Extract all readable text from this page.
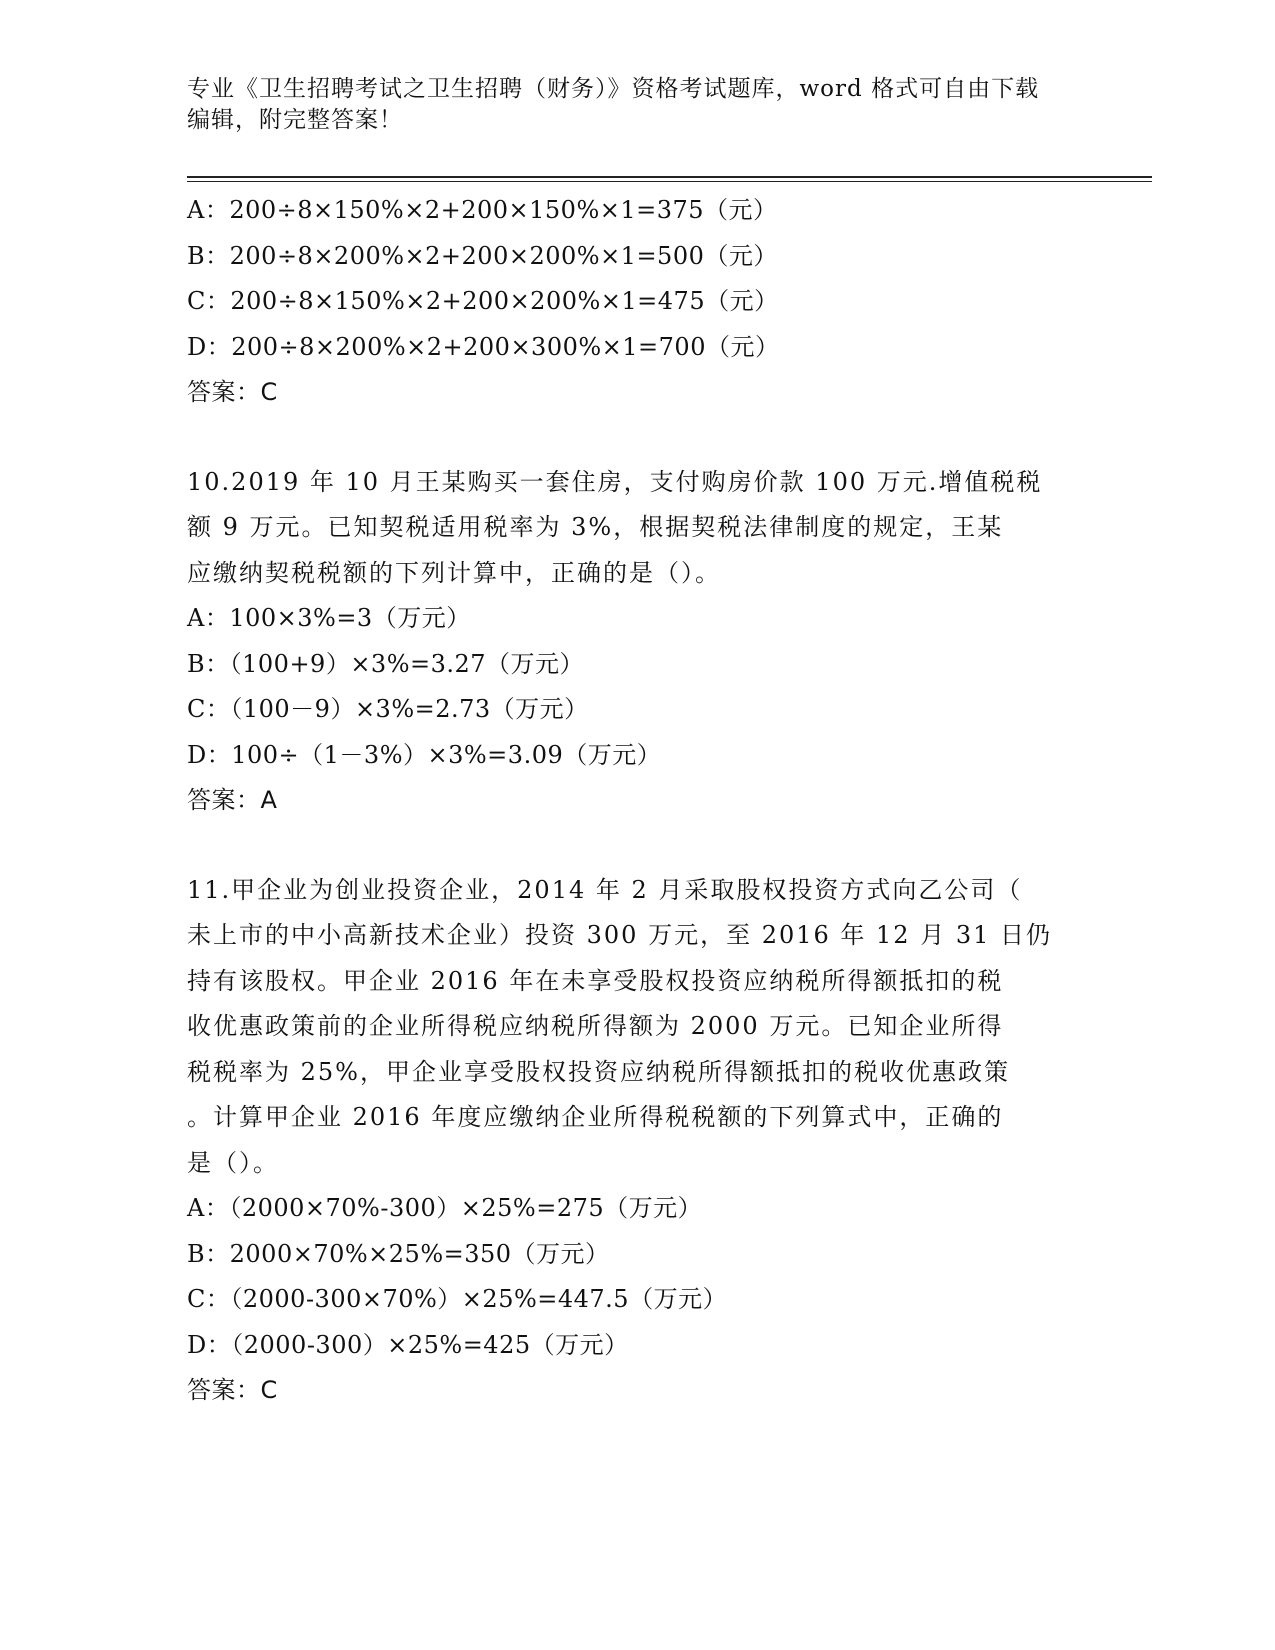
专业《卫生招聘考试之卫生招聘（财务）》资格考试题库，word 格式可自由下载
编辑，附完整答案！
A：200÷8×150%×2+200×150%×1=375（元）
B：200÷8×200%×2+200×200%×1=500（元）
C：200÷8×150%×2+200×200%×1=475（元）
D：200÷8×200%×2+200×300%×1=700（元）
答案：C
10.2019 年 10 月王某购买一套住房，支付购房价款 100 万元.增值税税
额 9 万元。已知契税适用税率为 3%，根据契税法律制度的规定，王某
应缴纳契税税额的下列计算中，正确的是（）。
A：100×3%=3（万元）
B：（100+9）×3%=3.27（万元）
C：（100－9）×3%=2.73（万元）
D：100÷（1－3%）×3%=3.09（万元）
答案：A
11.甲企业为创业投资企业，2014 年 2 月采取股权投资方式向乙公司（
未上市的中小高新技术企业）投资 300 万元，至 2016 年 12 月 31 日仍
持有该股权。甲企业 2016 年在未享受股权投资应纳税所得额抵扣的税
收优惠政策前的企业所得税应纳税所得额为 2000 万元。已知企业所得
税税率为 25%，甲企业享受股权投资应纳税所得额抵扣的税收优惠政策
。计算甲企业 2016 年度应缴纳企业所得税税额的下列算式中，正确的
是（）。
A：（2000×70%-300）×25%=275（万元）
B：2000×70%×25%=350（万元）
C：（2000-300×70%）×25%=447.5（万元）
D：（2000-300）×25%=425（万元）
答案：C
